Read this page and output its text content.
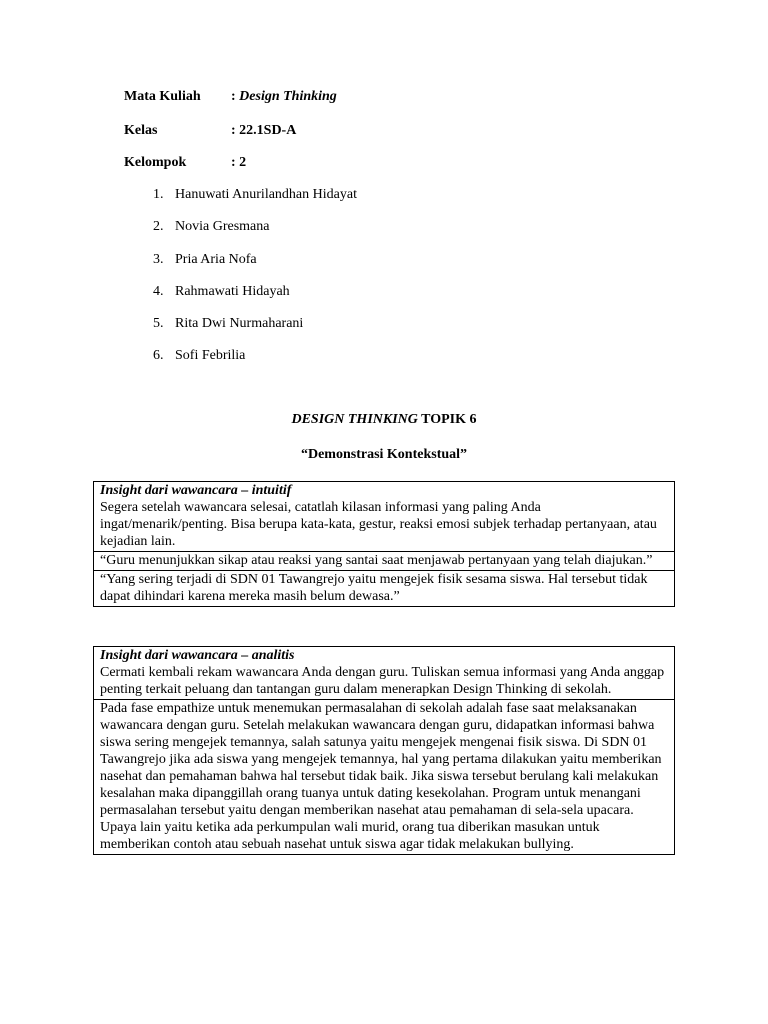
Mata Kuliah : Design Thinking
Kelas	: 22.1SD-A
Kelompok	: 2
1. Hanuwati Anurilandhan Hidayat
2. Novia Gresmana
3. Pria Aria Nofa
4. Rahmawati Hidayah
5. Rita Dwi Nurmaharani
6. Sofi Febrilia
DESIGN THINKING TOPIK 6
“Demonstrasi Kontekstual”
Insight dari wawancara – intuitif
Segera setelah wawancara selesai, catatlah kilasan informasi yang paling Anda ingat/menarik/penting. Bisa berupa kata-kata, gestur, reaksi emosi subjek terhadap pertanyaan, atau kejadian lain.
“Guru menunjukkan sikap atau reaksi yang santai saat menjawab pertanyaan yang telah diajukan.”
“Yang sering terjadi di SDN 01 Tawangrejo yaitu mengejek fisik sesama siswa. Hal tersebut tidak dapat dihindari karena mereka masih belum dewasa.”
Insight dari wawancara – analitis
Cermati kembali rekam wawancara Anda dengan guru. Tuliskan semua informasi yang Anda anggap penting terkait peluang dan tantangan guru dalam menerapkan Design Thinking di sekolah.
Pada fase empathize untuk menemukan permasalahan di sekolah adalah fase saat melaksanakan wawancara dengan guru. Setelah melakukan wawancara dengan guru, didapatkan informasi bahwa siswa sering mengejek temannya, salah satunya yaitu mengejek mengenai fisik siswa. Di SDN 01 Tawangrejo jika ada siswa yang mengejek temannya, hal yang pertama dilakukan yaitu memberikan nasehat dan pemahaman bahwa hal tersebut tidak baik. Jika siswa tersebut berulang kali melakukan kesalahan maka dipanggillah orang tuanya untuk dating kesekolahan. Program untuk menangani permasalahan tersebut yaitu dengan memberikan nasehat atau pemahaman di sela-sela upacara. Upaya lain yaitu ketika ada perkumpulan wali murid, orang tua diberikan masukan untuk memberikan contoh atau sebuah nasehat untuk siswa agar tidak melakukan bullying.
